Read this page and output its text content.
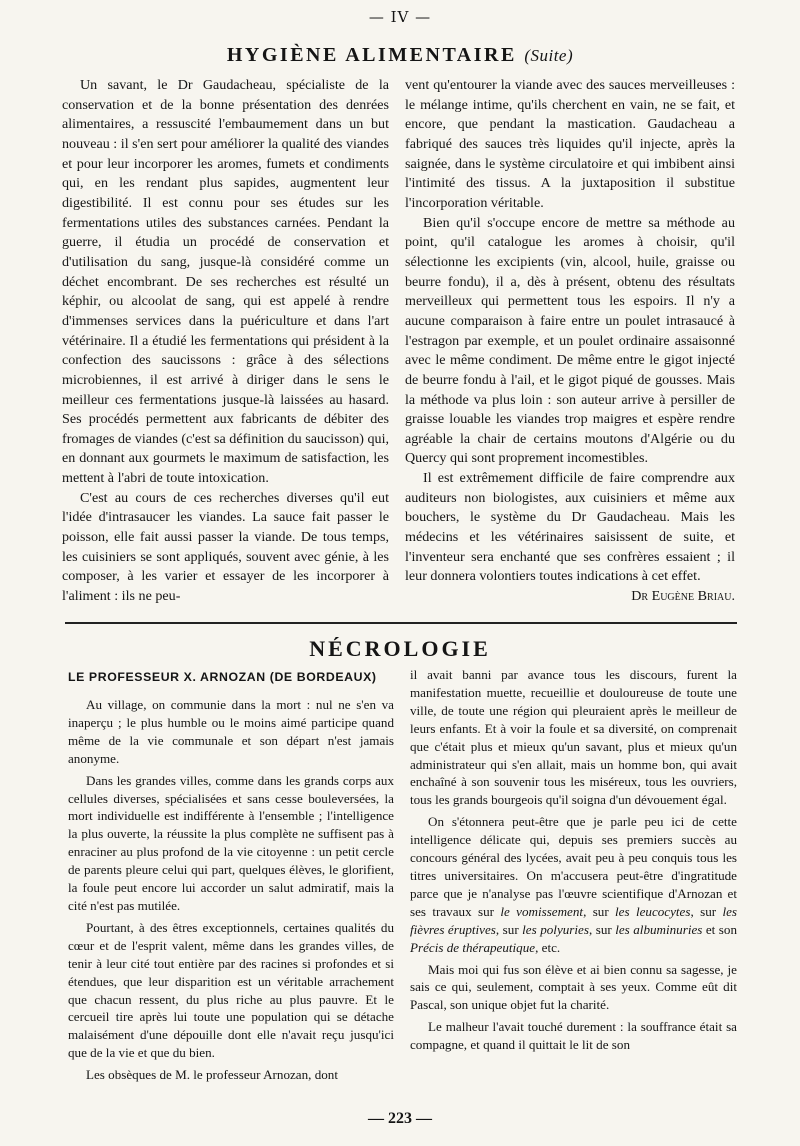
— IV —
HYGIÈNE ALIMENTAIRE (Suite)

Un savant, le Dr Gaudacheau, spécialiste de la conservation et de la bonne présentation des denrées alimentaires, a ressuscité l'embaumement dans un but nouveau : il s'en sert pour améliorer la qualité des viandes et pour leur incorporer les aromes, fumets et condiments qui, en les rendant plus sapides, augmentent leur digestibilité. Il est connu pour ses études sur les fermentations utiles des substances carnées. Pendant la guerre, il étudia un procédé de conservation et d'utilisation du sang, jusque-là considéré comme un déchet encombrant. De ses recherches est résulté un képhir, ou alcoolat de sang, qui est appelé à rendre d'immenses services dans la puériculture et dans l'art vétérinaire. Il a étudié les fermentations qui président à la confection des saucissons : grâce à des sélections microbiennes, il est arrivé à diriger dans le sens le meilleur ces fermentations jusque-là laissées au hasard. Ses procédés permettent aux fabricants de débiter des fromages de viandes (c'est sa définition du saucisson) qui, en donnant aux gourmets le maximum de satisfaction, les mettent à l'abri de toute intoxication.

C'est au cours de ces recherches diverses qu'il eut l'idée d'intrasaucer les viandes. La sauce fait passer le poisson, elle fait aussi passer la viande. De tous temps, les cuisiniers se sont appliqués, souvent avec génie, à les composer, à les varier et essayer de les incorporer à l'aliment : ils ne peu-

vent qu'entourer la viande avec des sauces merveilleuses : le mélange intime, qu'ils cherchent en vain, ne se fait, et encore, que pendant la mastication. Gaudacheau a fabriqué des sauces très liquides qu'il injecte, après la saignée, dans le système circulatoire et qui imbibent ainsi l'intimité des tissus. A la juxtaposition il substitue l'incorporation véritable.

Bien qu'il s'occupe encore de mettre sa méthode au point, qu'il catalogue les aromes à choisir, qu'il sélectionne les excipients (vin, alcool, huile, graisse ou beurre fondu), il a, dès à présent, obtenu des résultats merveilleux qui permettent tous les espoirs. Il n'y a aucune comparaison à faire entre un poulet intrasaucé à l'estragon par exemple, et un poulet ordinaire assaisonné avec le même condiment. De même entre le gigot injecté de beurre fondu à l'ail, et le gigot piqué de gousses. Mais la méthode va plus loin : son auteur arrive à persiller de graisse louable les viandes trop maigres et espère rendre agréable la chair de certains moutons d'Algérie ou du Quercy qui sont proprement incomestibles.

Il est extrêmement difficile de faire comprendre aux auditeurs non biologistes, aux cuisiniers et même aux bouchers, le système du Dr Gaudacheau. Mais les médecins et les vétérinaires saisissent de suite, et l'inventeur sera enchanté que ses confrères essaient ; il leur donnera volontiers toutes indications à cet effet.

Dr Eugène Briau.
NÉCROLOGIE
LE PROFESSEUR X. ARNOZAN (DE BORDEAUX)

Au village, on communie dans la mort : nul ne s'en va inaperçu ; le plus humble ou le moins aimé participe quand même de la vie communale et son départ n'est jamais anonyme.

Dans les grandes villes, comme dans les grands corps aux cellules diverses, spécialisées et sans cesse bouleversées, la mort individuelle est indifférente à l'ensemble ; l'intelligence la plus ouverte, la réussite la plus complète ne suffisent pas à enraciner au plus profond de la vie citoyenne : un petit cercle de parents pleure celui qui part, quelques élèves, le glorifient, la foule peut encore lui accorder un salut admiratif, mais la cité n'est pas mutilée.

Pourtant, à des êtres exceptionnels, certaines qualités du cœur et de l'esprit valent, même dans les grandes villes, de tenir à leur cité tout entière par des racines si profondes et si étendues, que leur disparition est un véritable arrachement que chacun ressent, du plus riche au plus pauvre. Et le cercueil tire après lui toute une population qui se détache malaisément d'une dépouille dont elle n'avait reçu jusqu'ici que de la vie et que du bien.

Les obsèques de M. le professeur Arnozan, dont

il avait banni par avance tous les discours, furent la manifestation muette, recueillie et douloureuse de toute une ville, de toute une région qui pleuraient après le meilleur de leurs enfants. Et à voir la foule et sa diversité, on comprenait que c'était plus et mieux qu'un savant, plus et mieux qu'un administrateur qui s'en allait, mais un homme bon, qui avait enchaîné à son souvenir tous les miséreux, tous les ouvriers, tous les grands bourgeois qu'il soigna d'un dévouement égal.

On s'étonnera peut-être que je parle peu ici de cette intelligence délicate qui, depuis ses premiers succès au concours général des lycées, avait peu à peu conquis tous les titres universitaires. On m'accusera peut-être d'ingratitude parce que je n'analyse pas l'œuvre scientifique d'Arnozan et ses travaux sur le vomissement, sur les leucocytes, sur les fièvres éruptives, sur les polyuries, sur les albuminuries et son Précis de thérapeutique, etc.

Mais moi qui fus son élève et ai bien connu sa sagesse, je sais ce qui, seulement, comptait à ses yeux. Comme eût dit Pascal, son unique objet fut la charité.

Le malheur l'avait touché durement : la souffrance était sa compagne, et quand il quittait le lit de son

— 223 —
